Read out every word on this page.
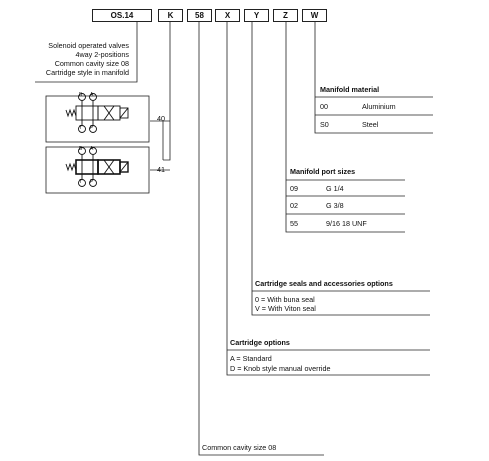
OS.14	K	58	X	Y	Z	W
Solenoid operated valves
4way 2-positions
Common cavity size 08
Cartridge style in manifold
B A
T P
40
B A
T P
41
Manifold material
00	Aluminium
S0	Steel
Manifold port sizes
09	G 1/4
02	G 3/8
55	9/16 18 UNF
Cartridge seals and accessories options
0 = With buna seal
V = With Viton seal
Cartridge options
A = Standard
D = Knob style manual override
Common cavity size 08
